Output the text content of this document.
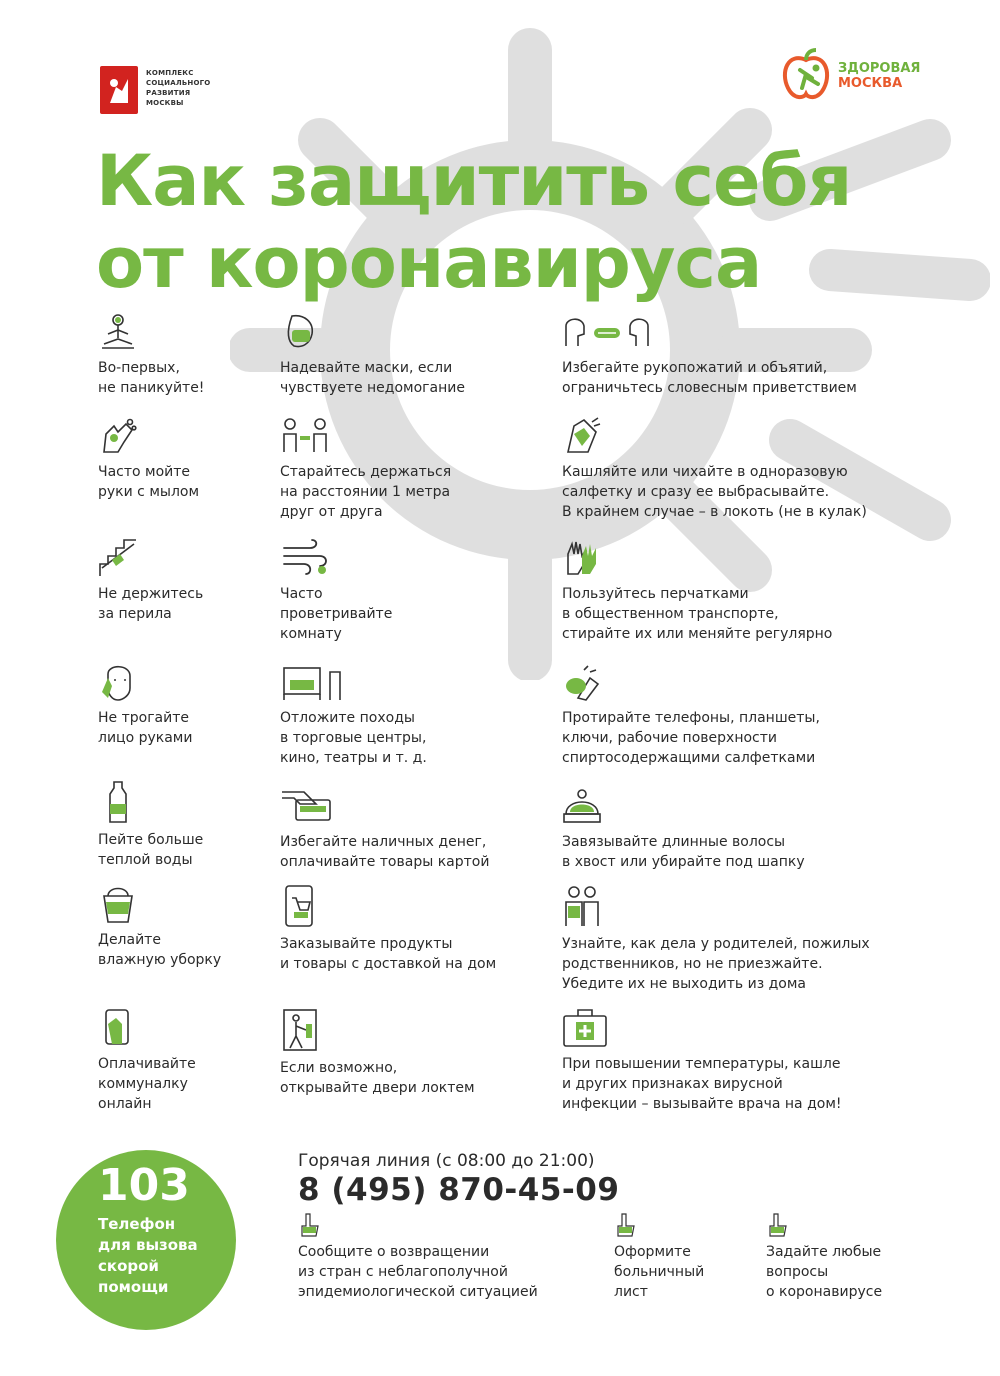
КОМПЛЕКС
СОЦИАЛЬНОГО
РАЗВИТИЯ
МОСКВЫ
ЗДОРОВАЯ
МОСКВА
Как защитить себя
от коронавируса
Во-первых,
не паникуйте!
Надевайте маски, если
чувствуете недомогание
Избегайте рукопожатий и объятий,
ограничьтесь словесным приветствием
Часто мойте
руки с мылом
Старайтесь держаться
на расстоянии 1 метра
друг от друга
Кашляйте или чихайте в одноразовую
салфетку и сразу ее выбрасывайте.
В крайнем случае – в локоть (не в кулак)
Не держитесь
за перила
Часто
проветривайте
комнату
Пользуйтесь перчатками
в общественном транспорте,
стирайте их или меняйте регулярно
Не трогайте
лицо руками
Отложите походы
в торговые центры,
кино, театры и т. д.
Протирайте телефоны, планшеты,
ключи, рабочие поверхности
спиртосодержащими салфетками
Пейте больше
теплой воды
Избегайте наличных денег,
оплачивайте товары картой
Завязывайте длинные волосы
в хвост или убирайте под шапку
Делайте
влажную уборку
Заказывайте продукты
и товары с доставкой на дом
Узнайте, как дела у родителей, пожилых
родственников, но не приезжайте.
Убедите их не выходить из дома
Оплачивайте
коммуналку
онлайн
Если возможно,
открывайте двери локтем
При повышении температуры, кашле
и других признаках вирусной
инфекции – вызывайте врача на дом!
103
Телефон
для вызова
скорой
помощи
Горячая линия (с 08:00 до 21:00)
8 (495) 870-45-09
Сообщите о возвращении
из стран с неблагополучной
эпидемиологической ситуацией
Оформите
больничный
лист
Задайте любые
вопросы
о коронавирусе
